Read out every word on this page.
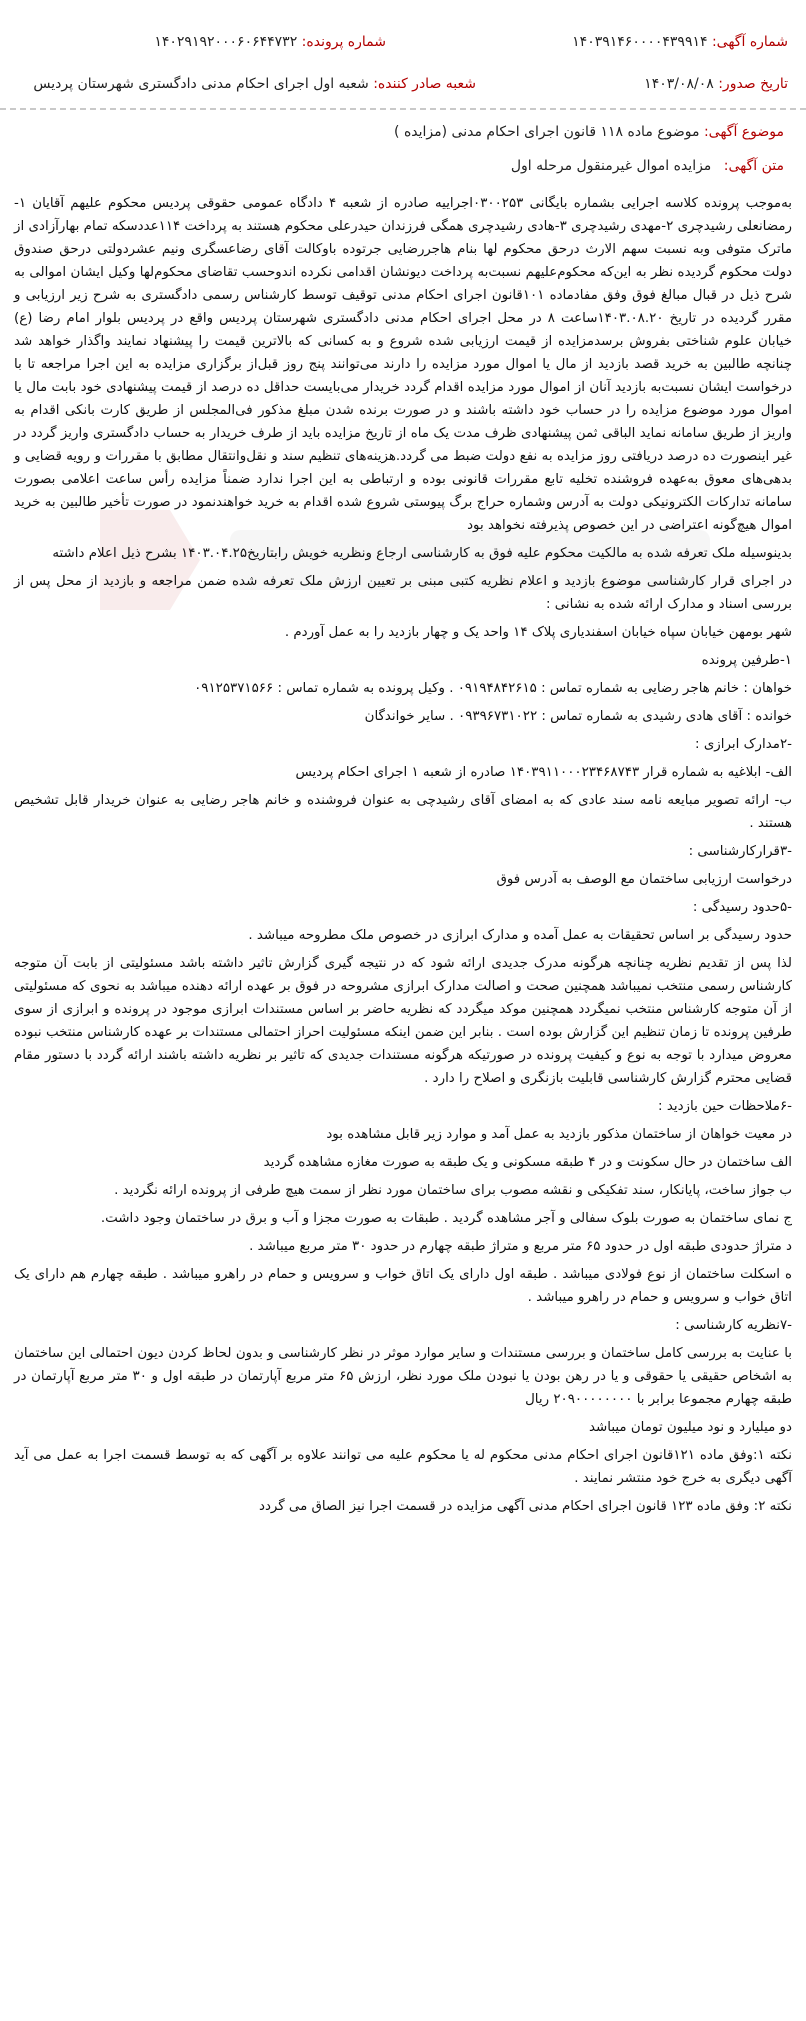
شماره آگهی: ۱۴۰۳۹۱۴۶۰۰۰۰۴۳۹۹۱۴
شماره پرونده: ۱۴۰۲۹۱۹۲۰۰۰۶۰۶۴۴۷۳۲
تاریخ صدور: ۱۴۰۳/۰۸/۰۸
شعبه صادر کننده: شعبه اول اجرای احکام مدنی دادگستری شهرستان پردیس
موضوع آگهی: موضوع ماده ۱۱۸ قانون اجرای احکام مدنی (مزایده )
متن آگهی: مزایده اموال غیرمنقول مرحله اول

به‌موجب پرونده کلاسه اجرایی بشماره بایگانی ۰۳۰۰۲۵۳اجراییه صادره از شعبه ۴ دادگاه عمومی حقوقی پردیس محکوم علیهم آقایان ۱-رمضانعلی رشیدچری ۲-مهدی رشیدچری ۳-هادی رشیدچری همگی فرزندان حیدرعلی محکوم هستند به پرداخت ۱۱۴عددسکه تمام بهارآزادی از ماترک متوفی وبه نسبت سهم الارث درحق محکوم لها بنام هاجررضایی جرتوده باوکالت آقای رضاعسگری ونیم عشردولتی درحق صندوق دولت محکوم گردیده نظر به این‌که محکوم‌علیهم نسبت‌به پرداخت دیونشان اقدامی نکرده اندوحسب تقاضای محکوم‌لها وکیل ایشان اموالی به شرح ذیل در قبال مبالغ فوق وفق مفادماده ۱۰۱قانون اجرای احکام مدنی توقیف توسط کارشناس رسمی دادگستری به شرح زیر ارزیابی و مقرر گردیده در تاریخ ۱۴۰۳.۰۸.۲۰ساعت ۸ در محل اجرای احکام مدنی دادگستری شهرستان پردیس واقع در پردیس بلوار امام رضا (ع) خیابان علوم شناختی بفروش برسدمزایده از قیمت ارزیابی شده شروع و به کسانی که بالاترین قیمت را پیشنهاد نمایند واگذار خواهد شد چنانچه طالبین به خرید قصد بازدید از مال یا اموال مورد مزایده را دارند می‌توانند پنج روز قبل‌از برگزاری مزایده به این اجرا مراجعه تا با درخواست ایشان نسبت‌به بازدید آنان از اموال مورد مزایده اقدام گردد خریدار می‌بایست حداقل ده درصد از قیمت پیشنهادی خود بابت مال یا اموال مورد موضوع مزایده را در حساب خود داشته باشند و در صورت برنده شدن مبلغ مذکور فی‌المجلس از طریق کارت بانکی اقدام به واریز از طریق سامانه نماید الباقی ثمن پیشنهادی ظرف مدت یک ماه از تاریخ مزایده باید از طرف خریدار به حساب دادگستری واریز گردد در غیر اینصورت ده درصد دریافتی روز مزایده به نفع دولت ضبط می گردد.هزینه‌های تنظیم سند و نقل‌وانتقال مطابق با مقررات و رویه قضایی و بدهی‌های معوق به‌عهده فروشنده تخلیه تابع مقررات قانونی بوده و ارتباطی به این اجرا ندارد ضمناً مزایده رأس ساعت اعلامی بصورت سامانه تدارکات الکترونیکی دولت به آدرس وشماره حراج برگ پیوستی شروع شده اقدام به خرید خواهندنمود در صورت تأخیر طالبین به خرید اموال هیچ‌گونه اعتراضی در این خصوص پذیرفته نخواهد بود

بدینوسیله ملک تعرفه شده به مالکیت محکوم علیه فوق به کارشناسی ارجاع ونظریه خویش رابتاریخ۱۴۰۳.۰۴.۲۵ بشرح ذیل اعلام داشته

در اجرای قرار کارشناسی موضوع بازدید و اعلام نظریه کتبی مبنی بر تعیین ارزش ملک تعرفه شده ضمن مراجعه و بازدید از محل پس از بررسی اسناد و مدارک ارائه شده به نشانی :

شهر بومهن خیابان سپاه خیابان اسفندیاری پلاک ۱۴ واحد یک و چهار بازدید را به عمل آوردم .

۱-طرفین پرونده

خواهان : خانم هاجر رضایی به شماره تماس : ۰۹۱۹۴۸۴۲۶۱۵ . وکیل پرونده به شماره تماس : ۰۹۱۲۵۳۷۱۵۶۶

خوانده : آقای هادی رشیدی به شماره تماس : ۰۹۳۹۶۷۳۱۰۲۲ . سایر خواندگان

-۲مدارک ابرازی :

الف- ابلاغیه به شماره قرار ۱۴۰۳۹۱۱۰۰۰۲۳۴۶۸۷۴۳ صادره از شعبه ۱ اجرای احکام پردیس

ب- ارائه تصویر مبایعه نامه سند عادی که به امضای آقای رشیدچی به عنوان فروشنده و خانم هاجر رضایی به عنوان خریدار قابل تشخیص هستند .

-۳قرارکارشناسی :

درخواست ارزیابی ساختمان مع الوصف به آدرس فوق

-۵حدود رسیدگی :

حدود رسیدگی بر اساس تحقیقات به عمل آمده و مدارک ابرازی در خصوص ملک مطروحه میباشد .

لذا پس از تقدیم نظریه چنانچه هرگونه مدرک جدیدی ارائه شود که در نتیجه گیری گزارش تاثیر داشته باشد مسئولیتی از بابت آن متوجه کارشناس رسمی منتخب نمیباشد همچنین صحت و اصالت مدارک ابرازی مشروحه در فوق بر عهده ارائه دهنده میباشد به نحوی که مسئولیتی از آن متوجه کارشناس منتخب نمیگردد همچنین موکد میگردد که نظریه حاضر بر اساس مستندات ابرازی موجود در پرونده و ابرازی از سوی طرفین پرونده تا زمان تنظیم این گزارش بوده است . بنابر این ضمن اینکه مسئولیت احراز احتمالی مستندات بر عهده کارشناس منتخب نبوده معروض میدارد با توجه به نوع و کیفیت پرونده در صورتیکه هرگونه مستندات جدیدی که تاثیر بر نظریه داشته باشند ارائه گردد با دستور مقام قضایی محترم گزارش کارشناسی قابلیت بازنگری و اصلاح را دارد .

-۶ملاحظات حین بازدید :

در معیت خواهان از ساختمان مذکور بازدید به عمل آمد و موارد زیر قابل مشاهده بود

الف ساختمان در حال سکونت و در ۴ طبقه مسکونی و یک طبقه به صورت مغازه مشاهده گردید

ب جواز ساخت، پایانکار، سند تفکیکی و نقشه مصوب برای ساختمان مورد نظر از سمت هیچ طرفی از پرونده ارائه نگردید .

ج نمای ساختمان به صورت بلوک سفالی و آجر مشاهده گردید . طبقات به صورت مجزا و آب و برق در ساختمان وجود داشت.

د متراژ حدودی طبقه اول در حدود ۶۵ متر مربع و متراژ طبقه چهارم در حدود ۳۰ متر مربع میباشد .

ه اسکلت ساختمان از نوع فولادی میباشد . طبقه اول دارای یک اتاق خواب و سرویس و حمام در راهرو میباشد . طبقه چهارم هم دارای یک اتاق خواب و سرویس و حمام در راهرو میباشد .

-۷نظریه کارشناسی :

با عنایت به بررسی کامل ساختمان و بررسی مستندات و سایر موارد موثر در نظر کارشناسی و بدون لحاظ کردن دیون احتمالی این ساختمان به اشخاص حقیقی یا حقوقی و یا در رهن بودن یا نبودن ملک مورد نظر، ارزش ۶۵ متر مربع آپارتمان در طبقه اول و ۳۰ متر مربع آپارتمان در طبقه چهارم مجموعا برابر با ۲۰۹۰۰۰۰۰۰۰۰ ریال

دو میلیارد و نود میلیون تومان میباشد

نکته ۱:وفق ماده ۱۲۱قانون اجرای احکام مدنی محکوم له یا محکوم علیه می توانند علاوه بر آگهی که به توسط قسمت اجرا به عمل می آید آگهی دیگری به خرج خود منتشر نمایند .

نکته ۲: وفق ماده ۱۲۳ قانون اجرای احکام مدنی آگهی مزایده در قسمت اجرا نیز الصاق می گردد
